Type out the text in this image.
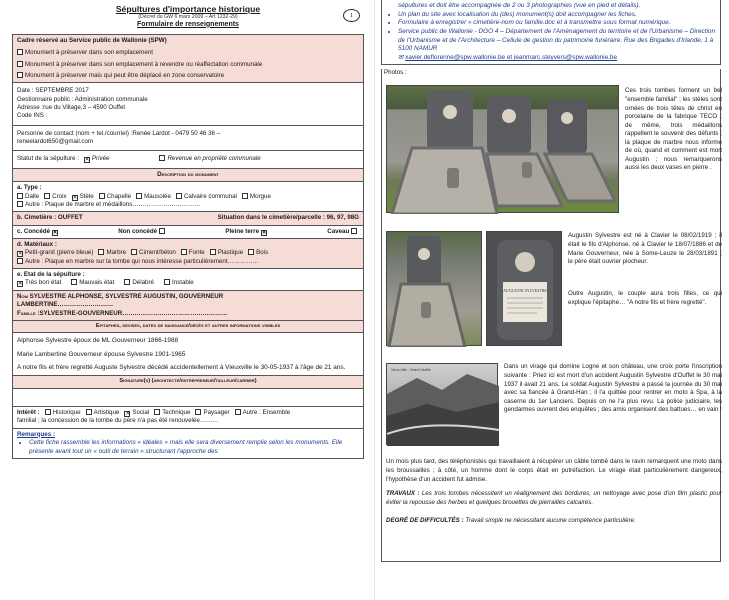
Sépultures d'importance historique
(Décret du GW 6 mars 2009 – Art 1232-29)
Formulaire de renseignements
1
Cadre réservé au Service public de Wallonie (SPW)
Monument à préserver dans son emplacement
Monument à préserver dans son emplacement à revendre ou réaffectation communale
Monument à préserver mais qui peut être déplacé en zone conservatoire
Date : SEPTEMBRE 2017
Gestionnaire public : Administration communale
Adresse :rue du Village,3 – 4590 Ouffet
Code INS :
Personne de contact (nom + tel./courriel) :Renée Lardot - 0479 50 46 36 –
reneelardot650@gmail.com
Statut de la sépulture : ✕	Privée	Revenue en propriété communale
Description du monument
a. Type :
Dalle	Croix ✕	Stèle	Chapelle	Mausolée	Calvaire communal	Morgue
Autre : Plaque de marbre et médaillons……………………………
b. Cimetière : OUFFET	Situation dans le cimetière/parcelle : 96, 97, 98G
c. Concédé ✕	Non concédé	Pleine terre ✕	Caveau
d. Matériaux :
✕Petit-granit (pierre bleue)	Marbre	Ciment/béton	Fonte	Plastique	Bois
Autre : Plaque en marbre sur la tombe qui nous intéresse particulièrement……………
e. Etat de la sépulture :
✕Très bon état	Mauvais état	Délabré	Instable
Nom SYLVESTRE ALPHONSE, SYLVESTRE AUGUSTIN, GOUVERNEUR
LAMBERTINE………………………
Famille :SYLVESTRE-GOUVERNEUR……………………………………………
Epitaphes, devises, dates de naissance/décès et autres informations visibles
Alphonse Sylvestre époux de ML Gouverneur 1866-1988
Marie Lambertine Gouverneur épouse Sylvestre 1901-1965
A notre fils et frère regretté Auguste Sylvestre décédé accidentellement à Vieuxville le 30-05-1937 à l'âge de 21 ans.
Signature(s) (architecte/entrepreneur/tailleur/carrier)
Intérêt :	Historique	Artistique ✕	Social	Technique	Paysager	Autre : Ensemble
familial ; la concession de la tombe du père n'a pas été renouvelée………
Remarques :
• Cette fiche rassemble les informations « idéales » mais elle sera diversement remplie selon les monuments. Elle présente avant tout un « outil de terrain » structurant l'approche des
sépultures et doit être accompagnée de 2 ou 3 photographies (vue en pied et détails).
• Un plan du site avec localisation du (des) monument(s) doit accompagner les fiches.
• Formulaire à enregistrer « cimetière-nom ou famille.doc et à transmettre sous format numérique.
• Service public de Wallonie - DGO 4 – Département de l'Aménagement du territoire et de l'Urbanisme – Direction de l'Urbanisme et de l'Architecture – Cellule de gestion du patrimoine funéraire. Rue des Brigades d'Irlande, 1 à 5100 NAMUR
✉ xavier.deflorenne@spw.wallonie.be et jeanmarc.steyvers@spw.wallonie.be
Photos :
Ces trois tombes forment un bel "ensemble familial" ; les stèles sont ornées de trois têtes de christ en porcelaine de la fabrique TECO ; de même, trois médaillons rappellent le souvenir des défunts ; la plaque de marbre nous informe de où, quand et comment est mort Augustin ; nous remarquerons aussi les deux vases en pierre .
AUGUSTIN SYLVESTRE
Augustin Sylvestre est né à Clavier le 08/02/1919 ; il était le fils d'Alphonse, né à Clavier le 18/07/1886 et de Marie Gouverneur, née à Some-Leuze le 28/03/1891 ; le père était ouvrier piocheur.
Outre Augustin, le couple aura trois filles, ce qui explique l'épitaphe… "A notre fils et frère regretté".
Vieux-Ville · Grand'-Hoëlle	Dans un virage qui domine Logne et son château, une croix porte l'inscription suivante : Priez ici est mort d'un accident Augustin Sylvestre d'Ouffet le 30 mai 1937 il avait 21 ans. Le soldat Augustin Sylvestre a passé la journée du 30 mai avec sa fiancée à Grand-Han ; il l'a quittée pour rentrer en moto à Spa, à la caserne du 1er Lanciers. Depuis on ne l'a plus revu. La police judiciaire, les gendarmes ouvrent des enquêtes ; des amis organisent des battues… en vain !
Un mois plus tard, des téléphonistes qui travaillaient à récupérer un câble tombé dans le ravin remarquent une moto dans les broussailles ; à côté, un homme dont le corps était en putréfaction. Le virage était particulièrement dangereux, l'hypothèse d'un accident fut admise.
TRAVAUX : Les trois tombes nécessitent un réalignement des bordures, un nettoyage avec pose d'un film plastic pour éviter la repousse des herbes et quelques brouettes de pierrailles calcaires.
DEGRÉ DE DIFFICULTÉS : Travail simple ne nécessitant aucune compétence particulière.
